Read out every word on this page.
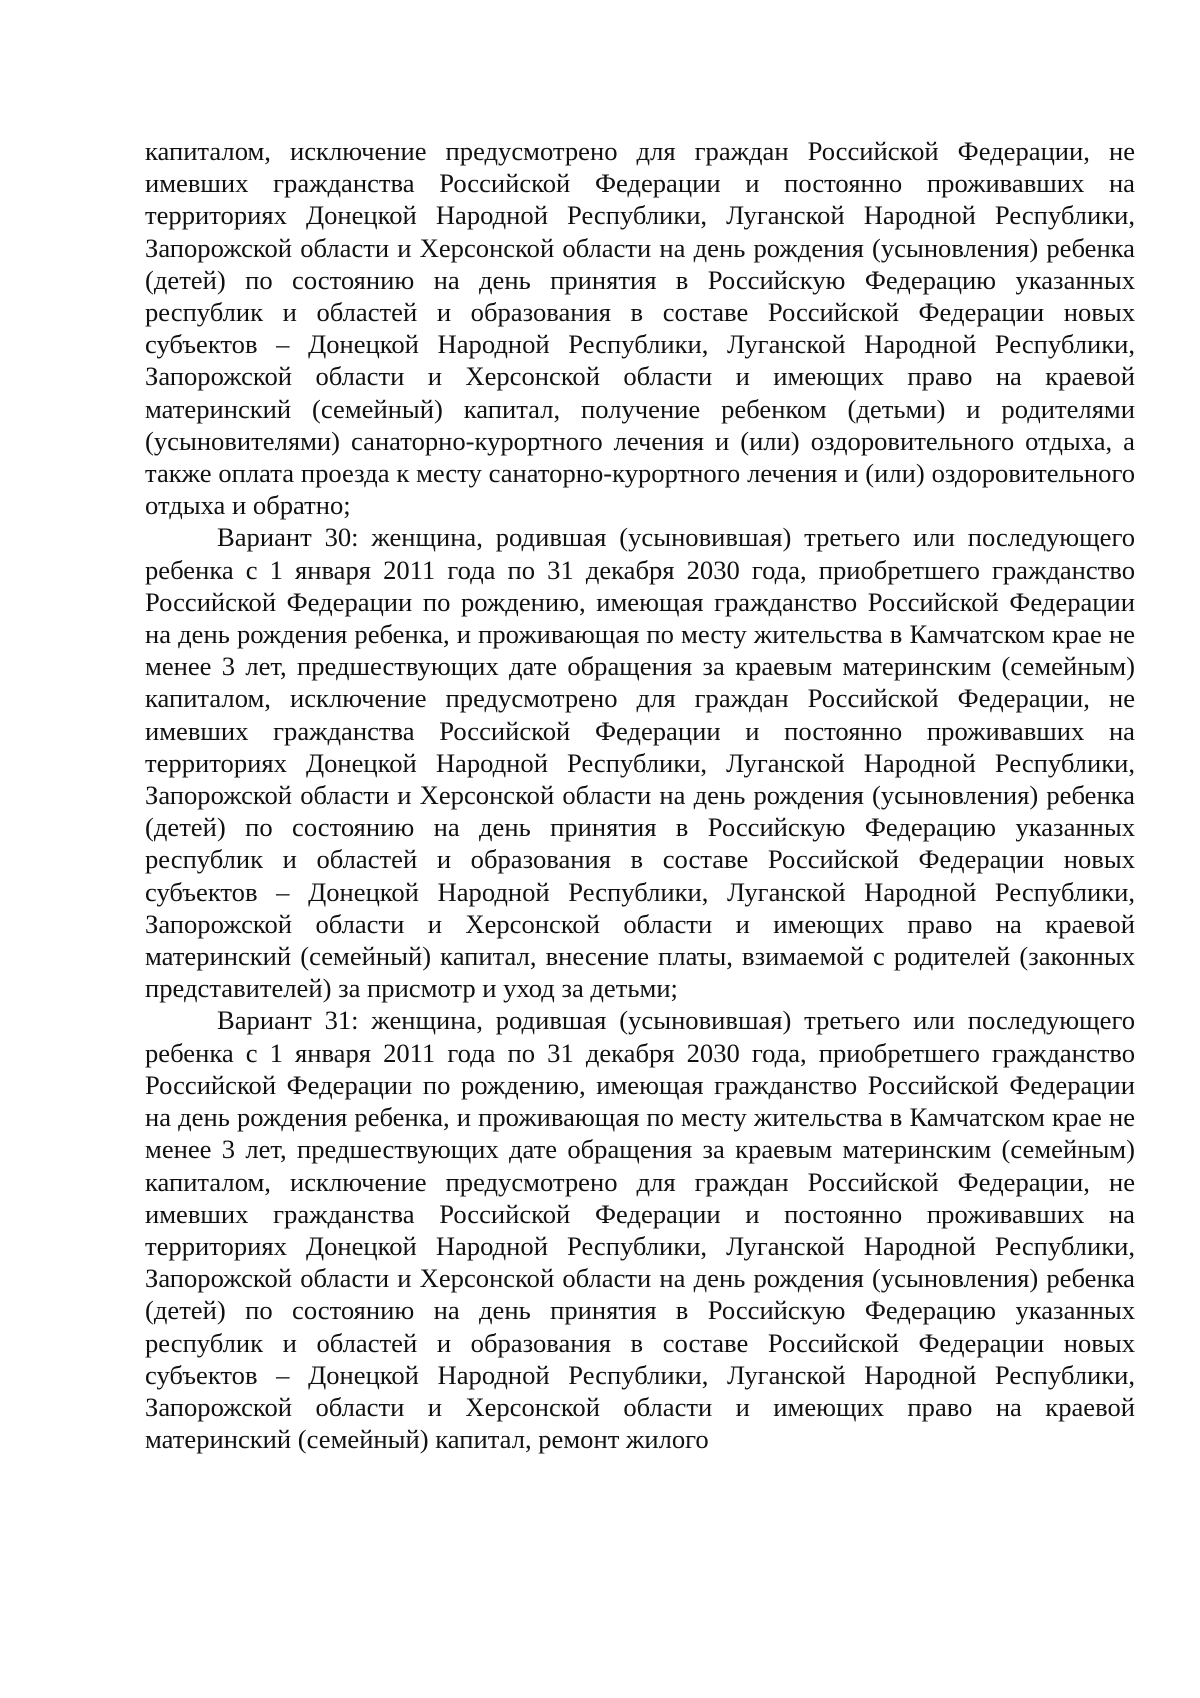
капиталом, исключение предусмотрено для граждан Российской Федерации, не имевших гражданства Российской Федерации и постоянно проживавших на территориях Донецкой Народной Республики, Луганской Народной Республики, Запорожской области и Херсонской области на день рождения (усыновления) ребенка (детей) по состоянию на день принятия в Российскую Федерацию указанных республик и областей и образования в составе Российской Федерации новых субъектов – Донецкой Народной Республики, Луганской Народной Республики, Запорожской области и Херсонской области и имеющих право на краевой материнский (семейный) капитал, получение ребенком (детьми) и родителями (усыновителями) санаторно-курортного лечения и (или) оздоровительного отдыха, а также оплата проезда к месту санаторно-курортного лечения и (или) оздоровительного отдыха и обратно;

Вариант 30: женщина, родившая (усыновившая) третьего или последующего ребенка с 1 января 2011 года по 31 декабря 2030 года, приобретшего гражданство Российской Федерации по рождению, имеющая гражданство Российской Федерации на день рождения ребенка, и проживающая по месту жительства в Камчатском крае не менее 3 лет, предшествующих дате обращения за краевым материнским (семейным) капиталом, исключение предусмотрено для граждан Российской Федерации, не имевших гражданства Российской Федерации и постоянно проживавших на территориях Донецкой Народной Республики, Луганской Народной Республики, Запорожской области и Херсонской области на день рождения (усыновления) ребенка (детей) по состоянию на день принятия в Российскую Федерацию указанных республик и областей и образования в составе Российской Федерации новых субъектов – Донецкой Народной Республики, Луганской Народной Республики, Запорожской области и Херсонской области и имеющих право на краевой материнский (семейный) капитал, внесение платы, взимаемой с родителей (законных представителей) за присмотр и уход за детьми;

Вариант 31: женщина, родившая (усыновившая) третьего или последующего ребенка с 1 января 2011 года по 31 декабря 2030 года, приобретшего гражданство Российской Федерации по рождению, имеющая гражданство Российской Федерации на день рождения ребенка, и проживающая по месту жительства в Камчатском крае не менее 3 лет, предшествующих дате обращения за краевым материнским (семейным) капиталом, исключение предусмотрено для граждан Российской Федерации, не имевших гражданства Российской Федерации и постоянно проживавших на территориях Донецкой Народной Республики, Луганской Народной Республики, Запорожской области и Херсонской области на день рождения (усыновления) ребенка (детей) по состоянию на день принятия в Российскую Федерацию указанных республик и областей и образования в составе Российской Федерации новых субъектов – Донецкой Народной Республики, Луганской Народной Республики, Запорожской области и Херсонской области и имеющих право на краевой материнский (семейный) капитал, ремонт жилого
